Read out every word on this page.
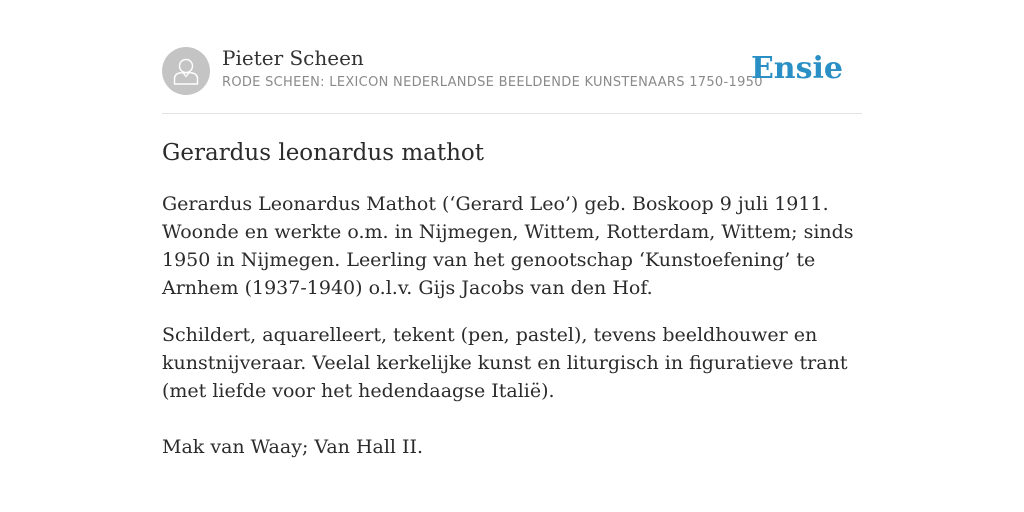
Pieter Scheen
RODE SCHEEN: LEXICON NEDERLANDSE BEELDENDE KUNSTENAARS 1750-1950
Ensie
Gerardus leonardus mathot

Gerardus Leonardus Mathot (‘Gerard Leo’) geb. Boskoop 9 juli 1911. Woonde en werkte o.m. in Nijmegen, Wittem, Rotterdam, Wittem; sinds 1950 in Nijmegen. Leerling van het genootschap ‘Kunstoefening’ te Arnhem (1937-1940) o.l.v. Gijs Jacobs van den Hof.

Schildert, aquarelleert, tekent (pen, pastel), tevens beeldhouwer en kunstnijveraar. Veelal kerkelijke kunst en liturgisch in figuratieve trant (met liefde voor het hedendaagse Italië).

Mak van Waay; Van Hall II.
